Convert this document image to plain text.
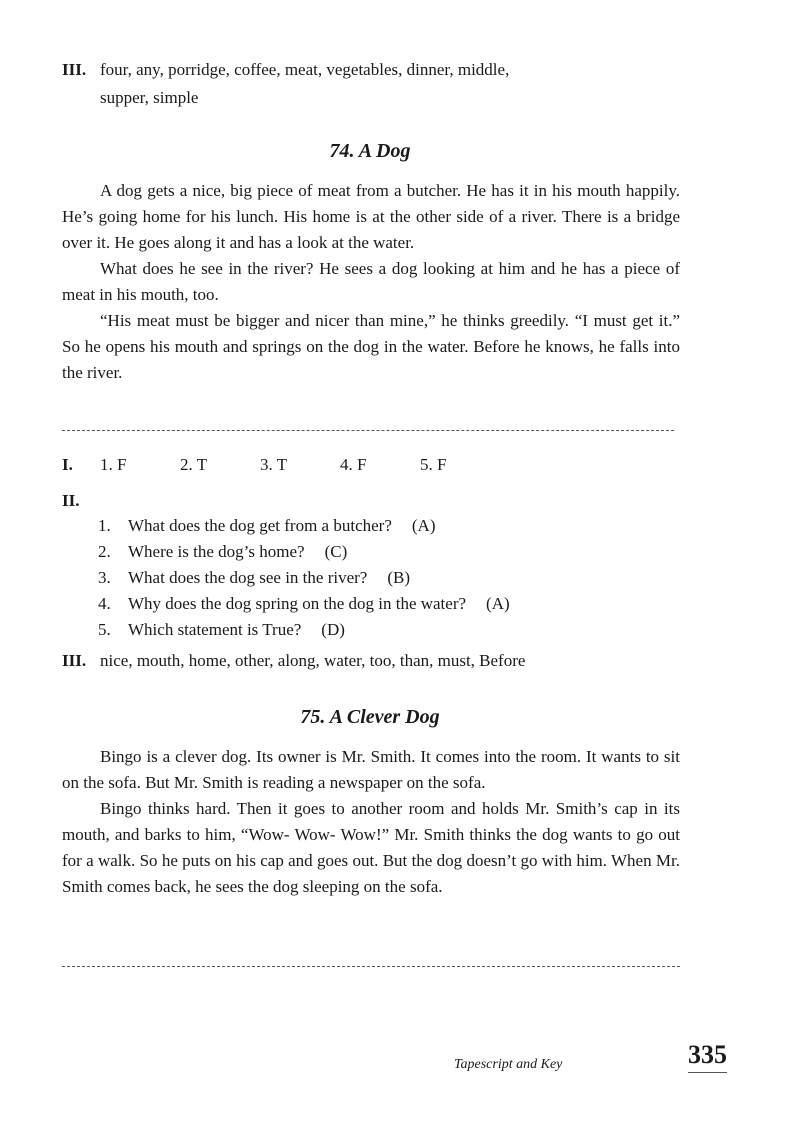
III. four, any, porridge, coffee, meat, vegetables, dinner, middle,
supper, simple
74. A Dog

A dog gets a nice, big piece of meat from a butcher. He has it in his mouth happily. He’s going home for his lunch. His home is at the other side of a river. There is a bridge over it. He goes along it and has a look at the water.

What does he see in the river? He sees a dog looking at him and he has a piece of meat in his mouth, too.

“His meat must be bigger and nicer than mine,” he thinks greedily. “I must get it.” So he opens his mouth and springs on the dog in the water. Before he knows, he falls into the river.

I. 1. F	2. T	3. T	4. F	5. F
II.
1. What does the dog get from a butcher? (A)
2. Where is the dog’s home? (C)
3. What does the dog see in the river? (B)
4. Why does the dog spring on the dog in the water? (A)
5. Which statement is True? (D)
III. nice, mouth, home, other, along, water, too, than, must, Before
75. A Clever Dog

Bingo is a clever dog. Its owner is Mr. Smith. It comes into the room. It wants to sit on the sofa. But Mr. Smith is reading a newspaper on the sofa.

Bingo thinks hard. Then it goes to another room and holds Mr. Smith’s cap in its mouth, and barks to him, “Wow- Wow- Wow!” Mr. Smith thinks the dog wants to go out for a walk. So he puts on his cap and goes out. But the dog doesn’t go with him. When Mr. Smith comes back, he sees the dog sleeping on the sofa.

Tapescript and Key	335
